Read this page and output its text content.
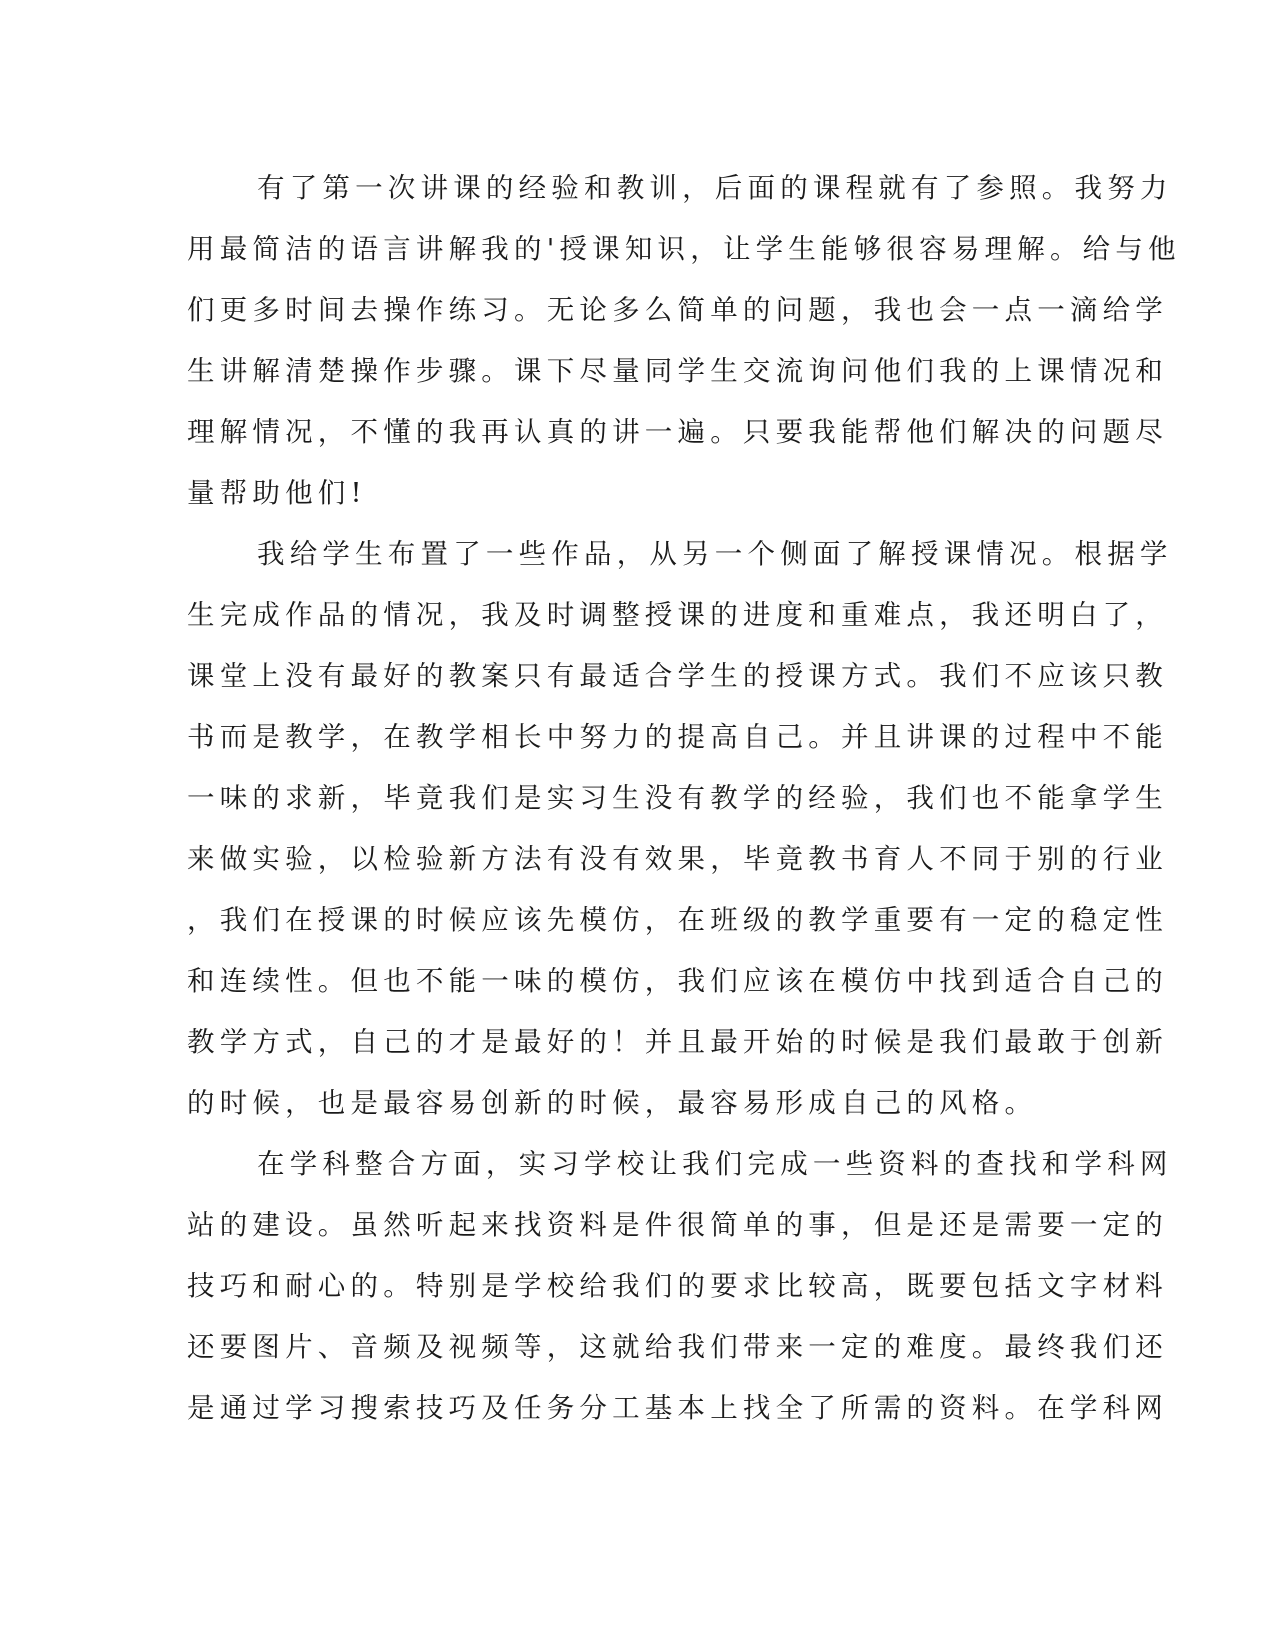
有了第一次讲课的经验和教训，后面的课程就有了参照。我努力
用最简洁的语言讲解我的'授课知识，让学生能够很容易理解。给与他
们更多时间去操作练习。无论多么简单的问题，我也会一点一滴给学
生讲解清楚操作步骤。课下尽量同学生交流询问他们我的上课情况和
理解情况，不懂的我再认真的讲一遍。只要我能帮他们解决的问题尽
量帮助他们!
我给学生布置了一些作品，从另一个侧面了解授课情况。根据学
生完成作品的情况，我及时调整授课的进度和重难点，我还明白了，
课堂上没有最好的教案只有最适合学生的授课方式。我们不应该只教
书而是教学，在教学相长中努力的提高自己。并且讲课的过程中不能
一味的求新，毕竟我们是实习生没有教学的经验，我们也不能拿学生
来做实验，以检验新方法有没有效果，毕竟教书育人不同于别的行业
，我们在授课的时候应该先模仿，在班级的教学重要有一定的稳定性
和连续性。但也不能一味的模仿，我们应该在模仿中找到适合自己的
教学方式，自己的才是最好的！并且最开始的时候是我们最敢于创新
的时候，也是最容易创新的时候，最容易形成自己的风格。
在学科整合方面，实习学校让我们完成一些资料的查找和学科网
站的建设。虽然听起来找资料是件很简单的事，但是还是需要一定的
技巧和耐心的。特别是学校给我们的要求比较高，既要包括文字材料
还要图片、音频及视频等，这就给我们带来一定的难度。最终我们还
是通过学习搜索技巧及任务分工基本上找全了所需的资料。在学科网
